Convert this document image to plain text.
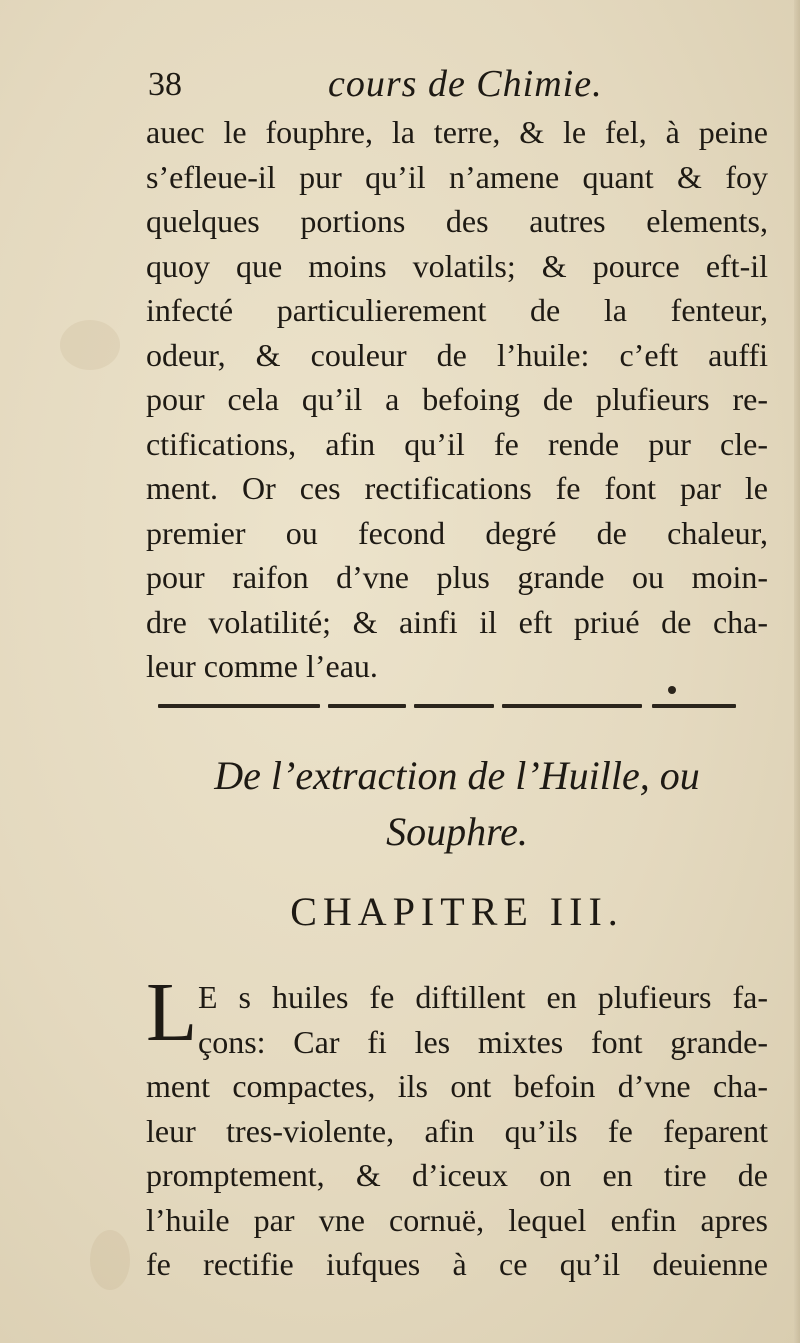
38	cours de Chimie.
auec le fouphre, la terre, & le fel, à peine
s’efleue-il pur qu’il n’amene quant & foy
quelques portions des autres elements,
quoy que moins volatils; & pource eft-il
infecté particulierement de la fenteur,
odeur, & couleur de l’huile: c’eft auffi
pour cela qu’il a befoing de plufieurs re-
ctifications, afin qu’il fe rende pur cle-
ment. Or ces rectifications fe font par le
premier ou fecond degré de chaleur,
pour raifon d’vne plus grande ou moin-
dre volatilité; & ainfi il eft priué de cha-
leur comme l’eau.
De l’extraction de l’Huille, ou
Souphre.
CHAPITRE III.
L E s huiles fe diftillent en plufieurs fa-
çons: Car fi les mixtes font grande-
ment compactes, ils ont befoin d’vne cha-
leur tres-violente, afin qu’ils fe feparent
promptement, & d’iceux on en tire de
l’huile par vne cornuë, lequel enfin apres
fe rectifie iufques à ce qu’il deuienne
